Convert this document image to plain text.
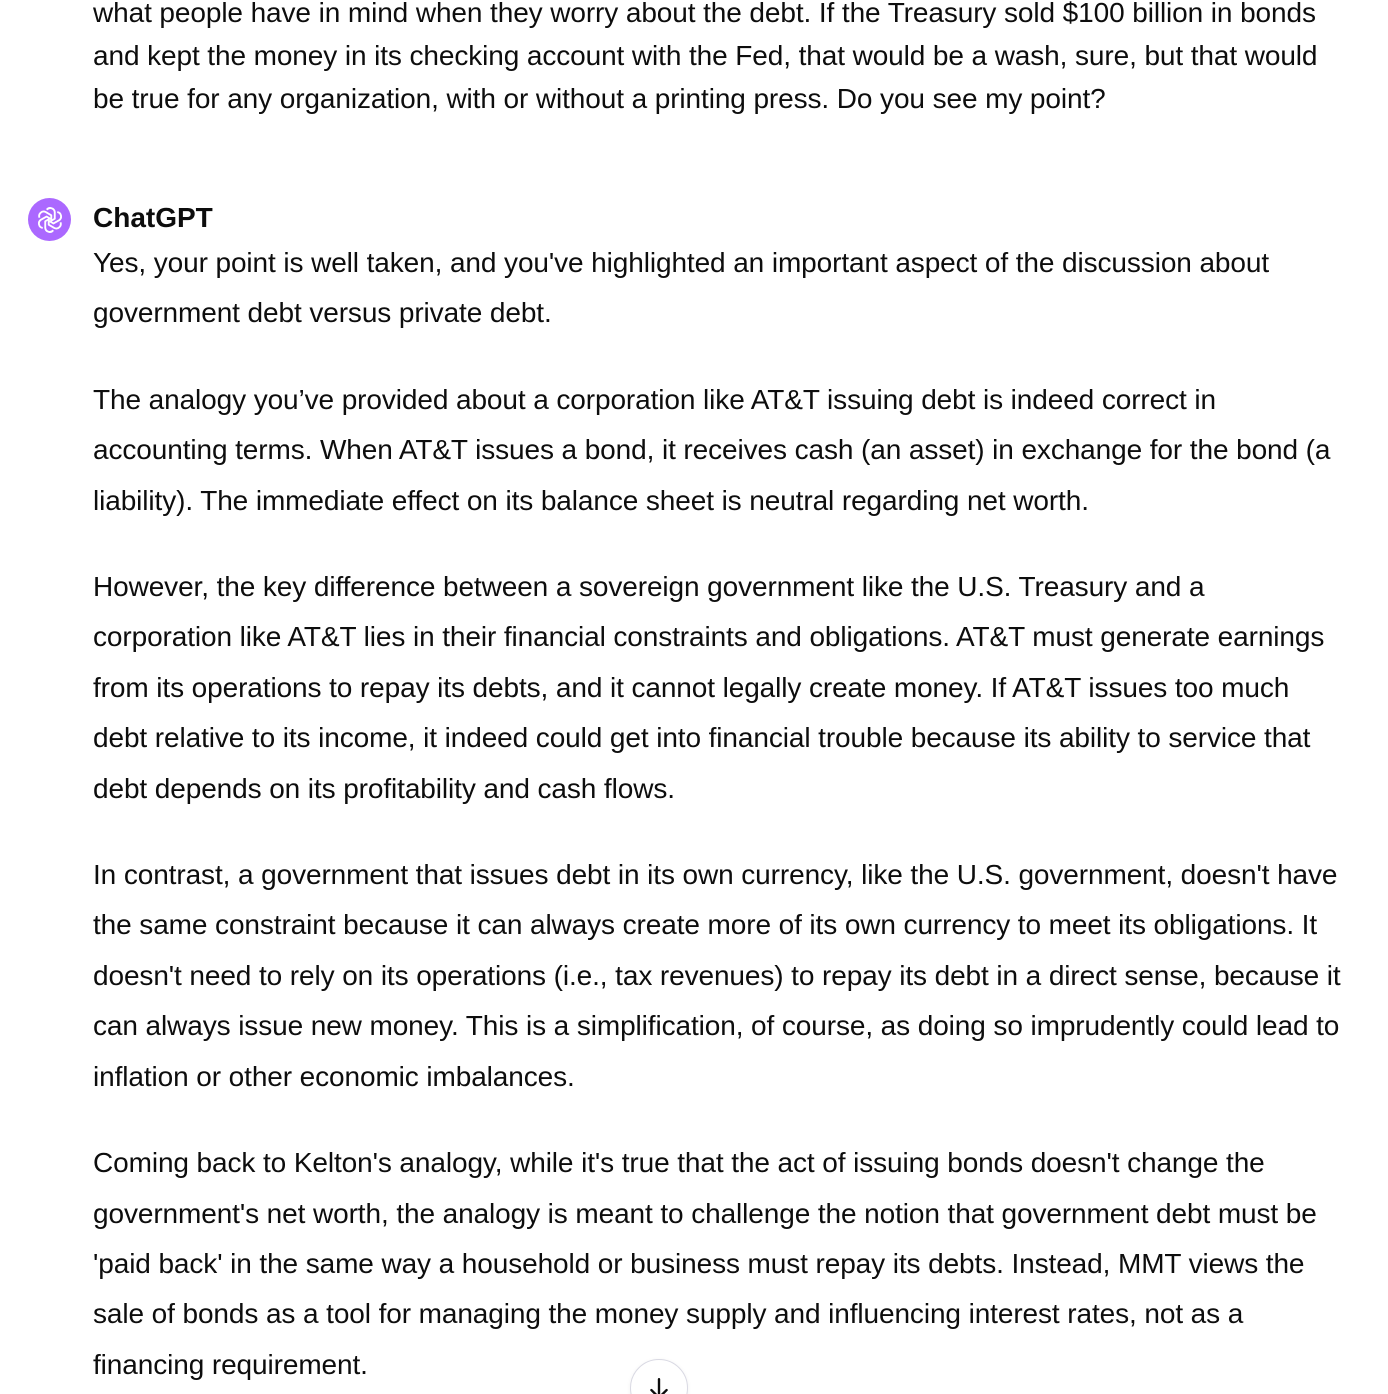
what people have in mind when they worry about the debt. If the Treasury sold $100 billion in bonds and kept the money in its checking account with the Fed, that would be a wash, sure, but that would be true for any organization, with or without a printing press. Do you see my point?

ChatGPT

Yes, your point is well taken, and you've highlighted an important aspect of the discussion about government debt versus private debt.

The analogy you’ve provided about a corporation like AT&T issuing debt is indeed correct in accounting terms. When AT&T issues a bond, it receives cash (an asset) in exchange for the bond (a liability). The immediate effect on its balance sheet is neutral regarding net worth.

However, the key difference between a sovereign government like the U.S. Treasury and a corporation like AT&T lies in their financial constraints and obligations. AT&T must generate earnings from its operations to repay its debts, and it cannot legally create money. If AT&T issues too much debt relative to its income, it indeed could get into financial trouble because its ability to service that debt depends on its profitability and cash flows.

In contrast, a government that issues debt in its own currency, like the U.S. government, doesn't have the same constraint because it can always create more of its own currency to meet its obligations. It doesn't need to rely on its operations (i.e., tax revenues) to repay its debt in a direct sense, because it can always issue new money. This is a simplification, of course, as doing so imprudently could lead to inflation or other economic imbalances.

Coming back to Kelton's analogy, while it's true that the act of issuing bonds doesn't change the government's net worth, the analogy is meant to challenge the notion that government debt must be 'paid back' in the same way a household or business must repay its debts. Instead, MMT views the sale of bonds as a tool for managing the money supply and influencing interest rates, not as a financing requirement.
